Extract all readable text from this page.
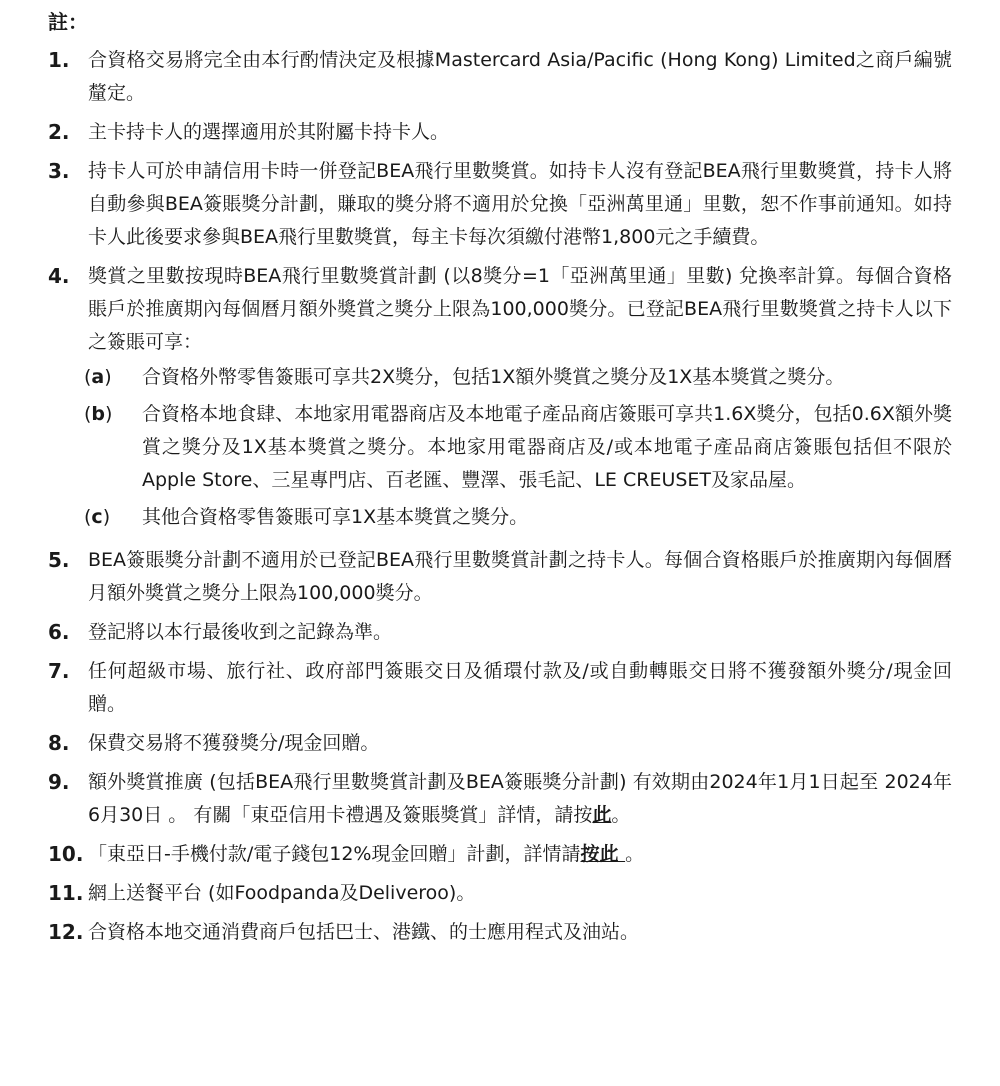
註：
1. 合資格交易將完全由本行酌情決定及根據Mastercard Asia/Pacific (Hong Kong) Limited之商戶編號釐定。
2. 主卡持卡人的選擇適用於其附屬卡持卡人。
3. 持卡人可於申請信用卡時一併登記BEA飛行里數獎賞。如持卡人沒有登記BEA飛行里數獎賞，持卡人將自動參與BEA簽賬獎分計劃，賺取的獎分將不適用於兌換「亞洲萬里通」里數，恕不作事前通知。如持卡人此後要求參與BEA飛行里數獎賞，每主卡每次須繳付港幣1,800元之手續費。
4. 獎賞之里數按現時BEA飛行里數獎賞計劃 (以8獎分=1「亞洲萬里通」里數) 兌換率計算。每個合資格賬戶於推廣期內每個曆月額外獎賞之獎分上限為100,000獎分。已登記BEA飛行里數獎賞之持卡人以下之簽賬可享：
(a)	合資格外幣零售簽賬可享共2X獎分，包括1X額外獎賞之獎分及1X基本獎賞之獎分。
(b)	合資格本地食肆、本地家用電器商店及本地電子產品商店簽賬可享共1.6X獎分，包括0.6X額外獎賞之獎分及1X基本獎賞之獎分。本地家用電器商店及/或本地電子產品商店簽賬包括但不限於Apple Store、三星專門店、百老匯、豐澤、張毛記、LE CREUSET及家品屋。
(c)	其他合資格零售簽賬可享1X基本獎賞之獎分。
5. BEA簽賬獎分計劃不適用於已登記BEA飛行里數獎賞計劃之持卡人。每個合資格賬戶於推廣期內每個曆月額外獎賞之獎分上限為100,000獎分。
6. 登記將以本行最後收到之記錄為準。
7. 任何超級市場、旅行社、政府部門簽賬交日及循環付款及/或自動轉賬交日將不獲發額外獎分/現金回贈。
8. 保費交易將不獲發獎分/現金回贈。
9. 額外獎賞推廣 (包括BEA飛行里數獎賞計劃及BEA簽賬獎分計劃) 有效期由2024年1月1日起至 2024年6月30日 。 有關「東亞信用卡禮遇及簽賬獎賞」詳情，請按此。
10. 「東亞日-手機付款/電子錢包12%現金回贈」計劃，詳情請按此 。
11. 網上送餐平台 (如Foodpanda及Deliveroo)。
12. 合資格本地交通消費商戶包括巴士、港鐵、的士應用程式及油站。
